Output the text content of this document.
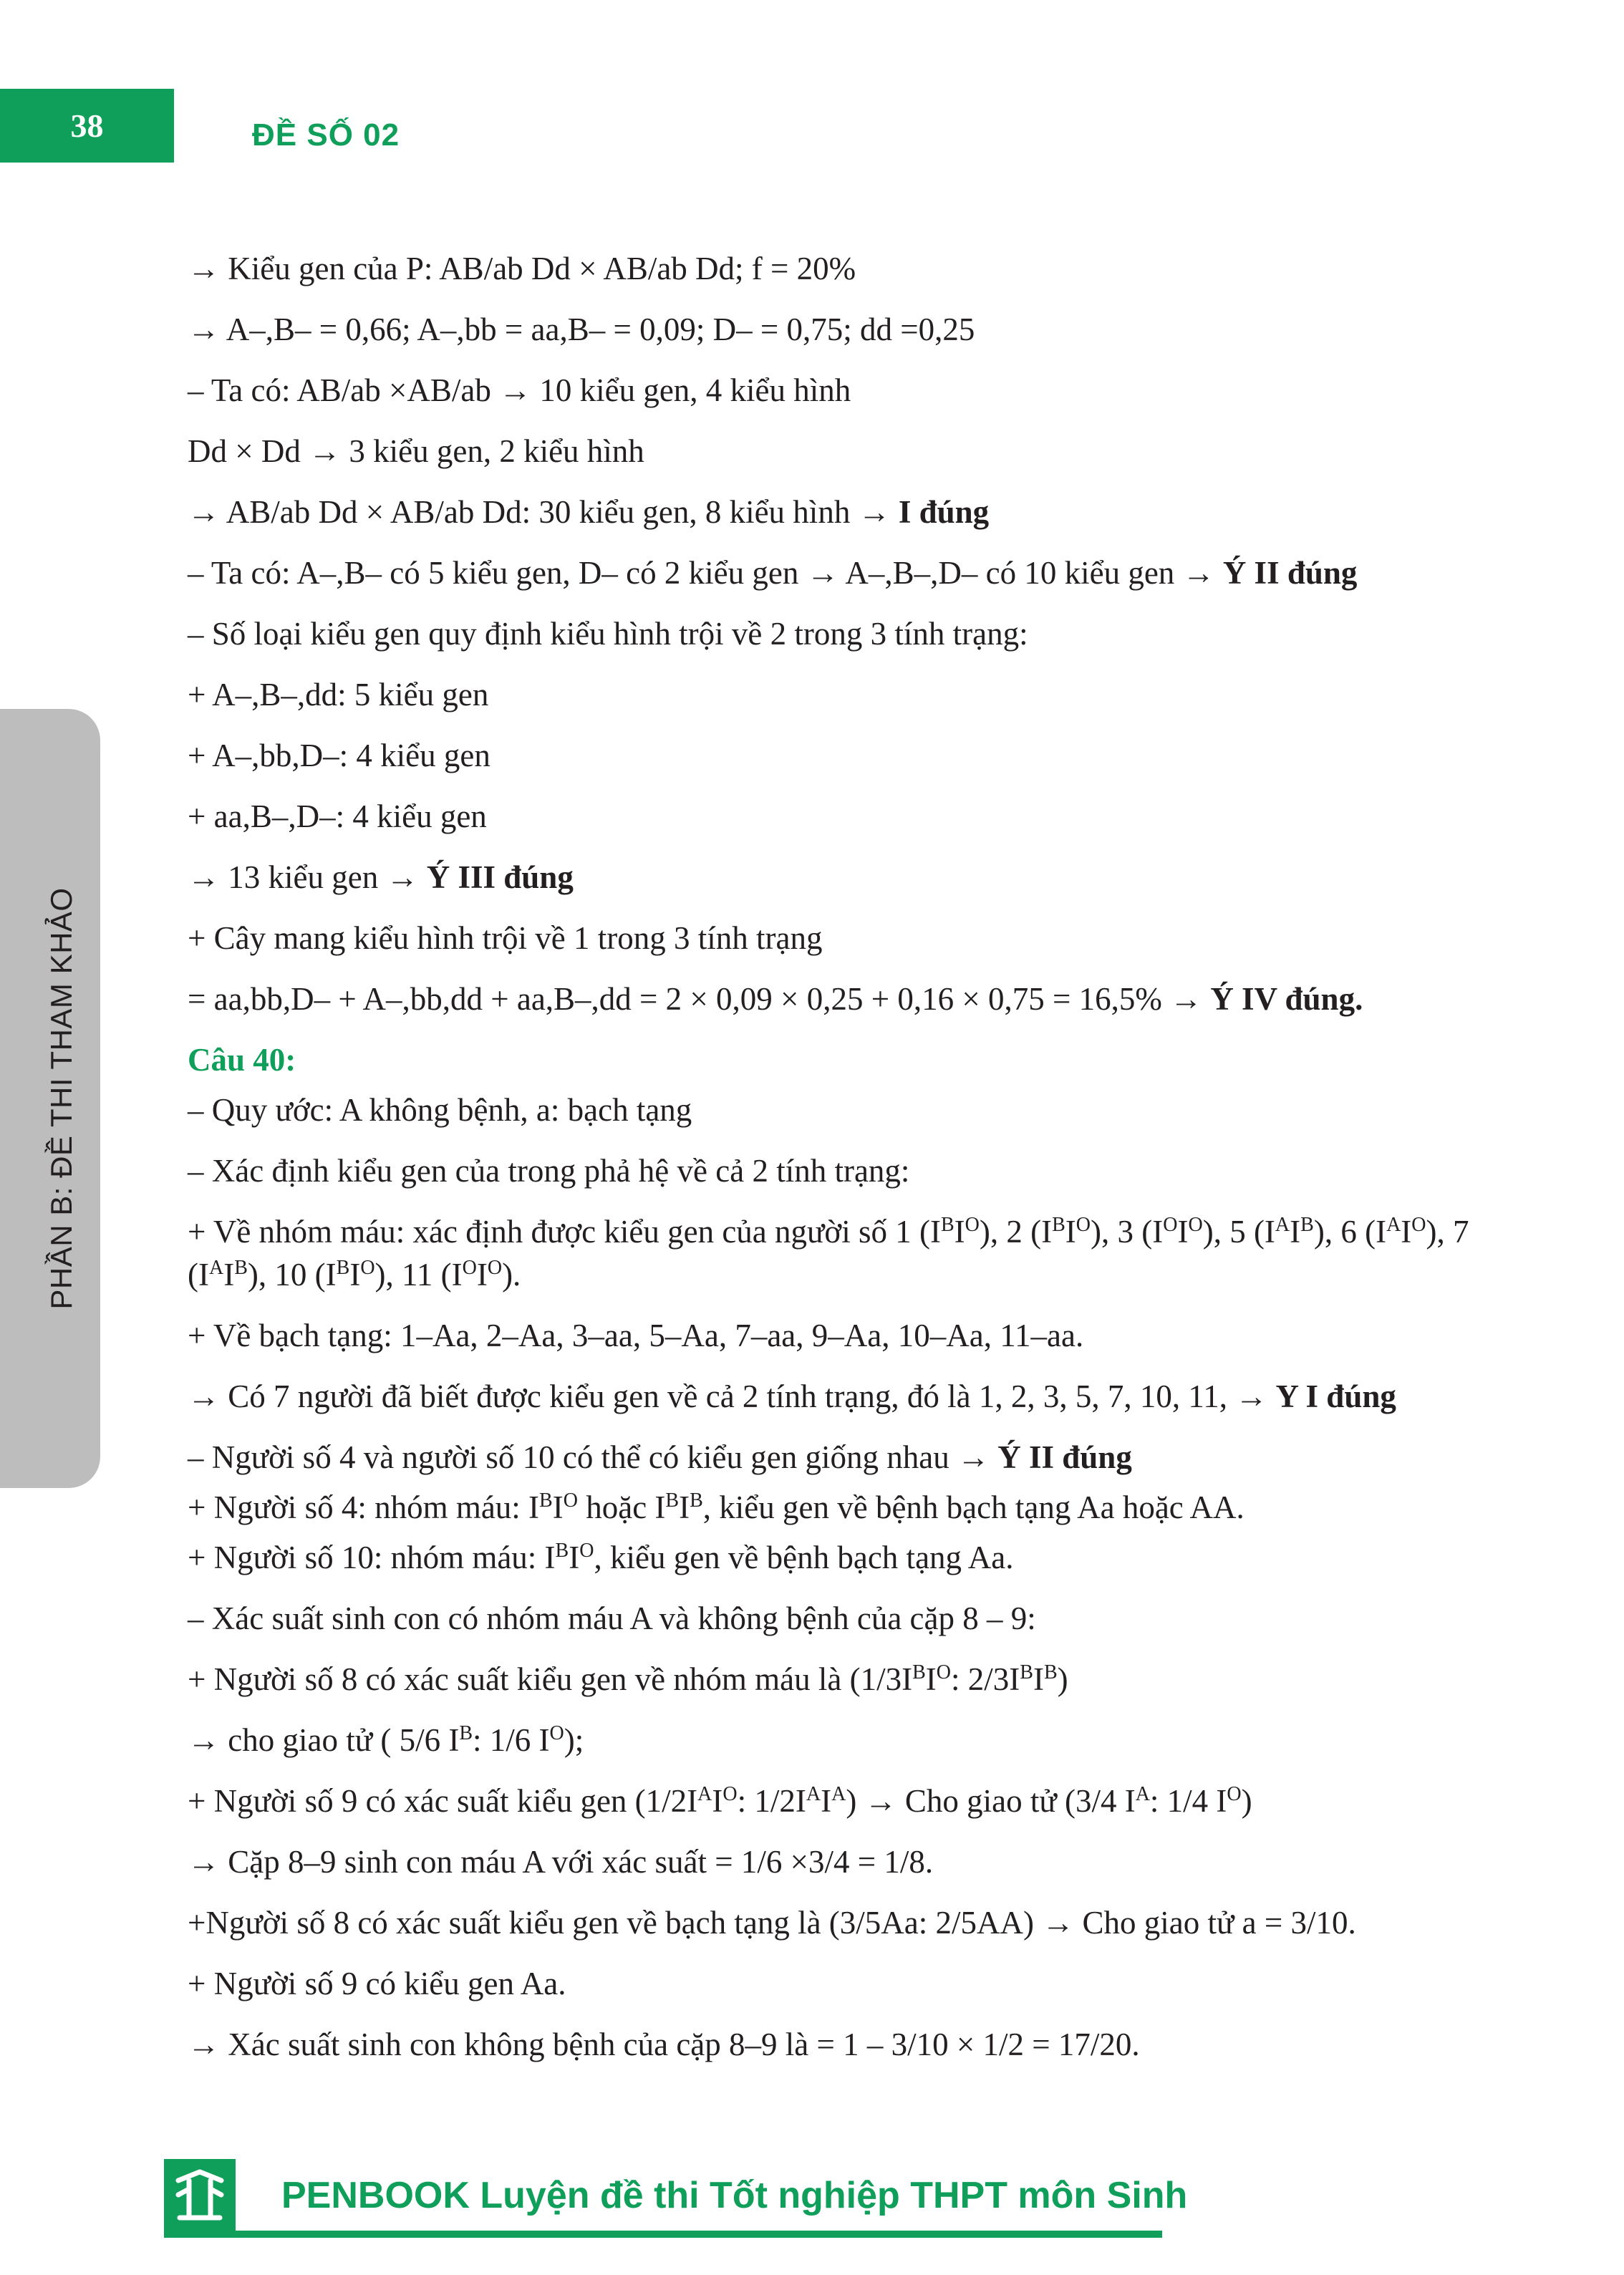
38	ĐỀ SỐ 02
PHẦN B: ĐỀ THI THAM KHẢO
→ Kiểu gen của P: AB/ab Dd × AB/ab Dd; f = 20%
→ A–,B– = 0,66; A–,bb = aa,B– = 0,09; D– = 0,75; dd =0,25
– Ta có: AB/ab ×AB/ab → 10 kiểu gen, 4 kiểu hình
Dd × Dd → 3 kiểu gen, 2 kiểu hình
→ AB/ab Dd × AB/ab Dd: 30 kiểu gen, 8 kiểu hình → I đúng
– Ta có: A–,B– có 5 kiểu gen, D– có 2 kiểu gen → A–,B–,D– có 10 kiểu gen → Ý II đúng
– Số loại kiểu gen quy định kiểu hình trội về 2 trong 3 tính trạng:
+ A–,B–,dd: 5 kiểu gen
+ A–,bb,D–: 4 kiểu gen
+ aa,B–,D–: 4 kiểu gen
→ 13 kiểu gen → Ý III đúng
+ Cây mang kiểu hình trội về 1 trong 3 tính trạng
= aa,bb,D– + A–,bb,dd + aa,B–,dd = 2 × 0,09 × 0,25 + 0,16 × 0,75 = 16,5% → Ý IV đúng.
Câu 40:
– Quy ước: A không bệnh, a: bạch tạng
– Xác định kiểu gen của trong phả hệ về cả 2 tính trạng:
+ Về nhóm máu: xác định được kiểu gen của người số 1 $(I^BI^O)$, 2 $(I^BI^O)$, 3 $(I^OI^O)$, 5 $(I^AI^B)$, 6 $(I^AI^O)$, 7 $(I^AI^B)$, 10 $(I^BI^O)$, 11 $(I^OI^O)$.
+ Về bạch tạng: 1–Aa, 2–Aa, 3–aa, 5–Aa, 7–aa, 9–Aa, 10–Aa, 11–aa.
→ Có 7 người đã biết được kiểu gen về cả 2 tính trạng, đó là 1, 2, 3, 5, 7, 10, 11, → Y I đúng
– Người số 4 và người số 10 có thể có kiểu gen giống nhau → Ý II đúng
+ Người số 4: nhóm máu: $I^BI^O$ hoặc $I^BI^B$, kiểu gen về bệnh bạch tạng Aa hoặc AA.
+ Người số 10: nhóm máu: $I^BI^O$, kiểu gen về bệnh bạch tạng Aa.
– Xác suất sinh con có nhóm máu A và không bệnh của cặp 8 – 9:
+ Người số 8 có xác suất kiểu gen về nhóm máu là ($1/3I^BI^O$: $2/3I^BI^B$)
→ cho giao tử ( 5/6 $I^B$: 1/6 $I^O$);
+ Người số 9 có xác suất kiểu gen ($1/2I^AI^O$: $1/2I^AI^A$) → Cho giao tử (3/4 $I^A$: 1/4 $I^O$)
→ Cặp 8–9 sinh con máu A với xác suất = 1/6 ×3/4 = 1/8.
+Người số 8 có xác suất kiểu gen về bạch tạng là (3/5Aa: 2/5AA) → Cho giao tử a = 3/10.
+ Người số 9 có kiểu gen Aa.
→ Xác suất sinh con không bệnh của cặp 8–9 là = 1 – 3/10 × 1/2 = 17/20.
PENBOOK Luyện đề thi Tốt nghiệp THPT môn Sinh
